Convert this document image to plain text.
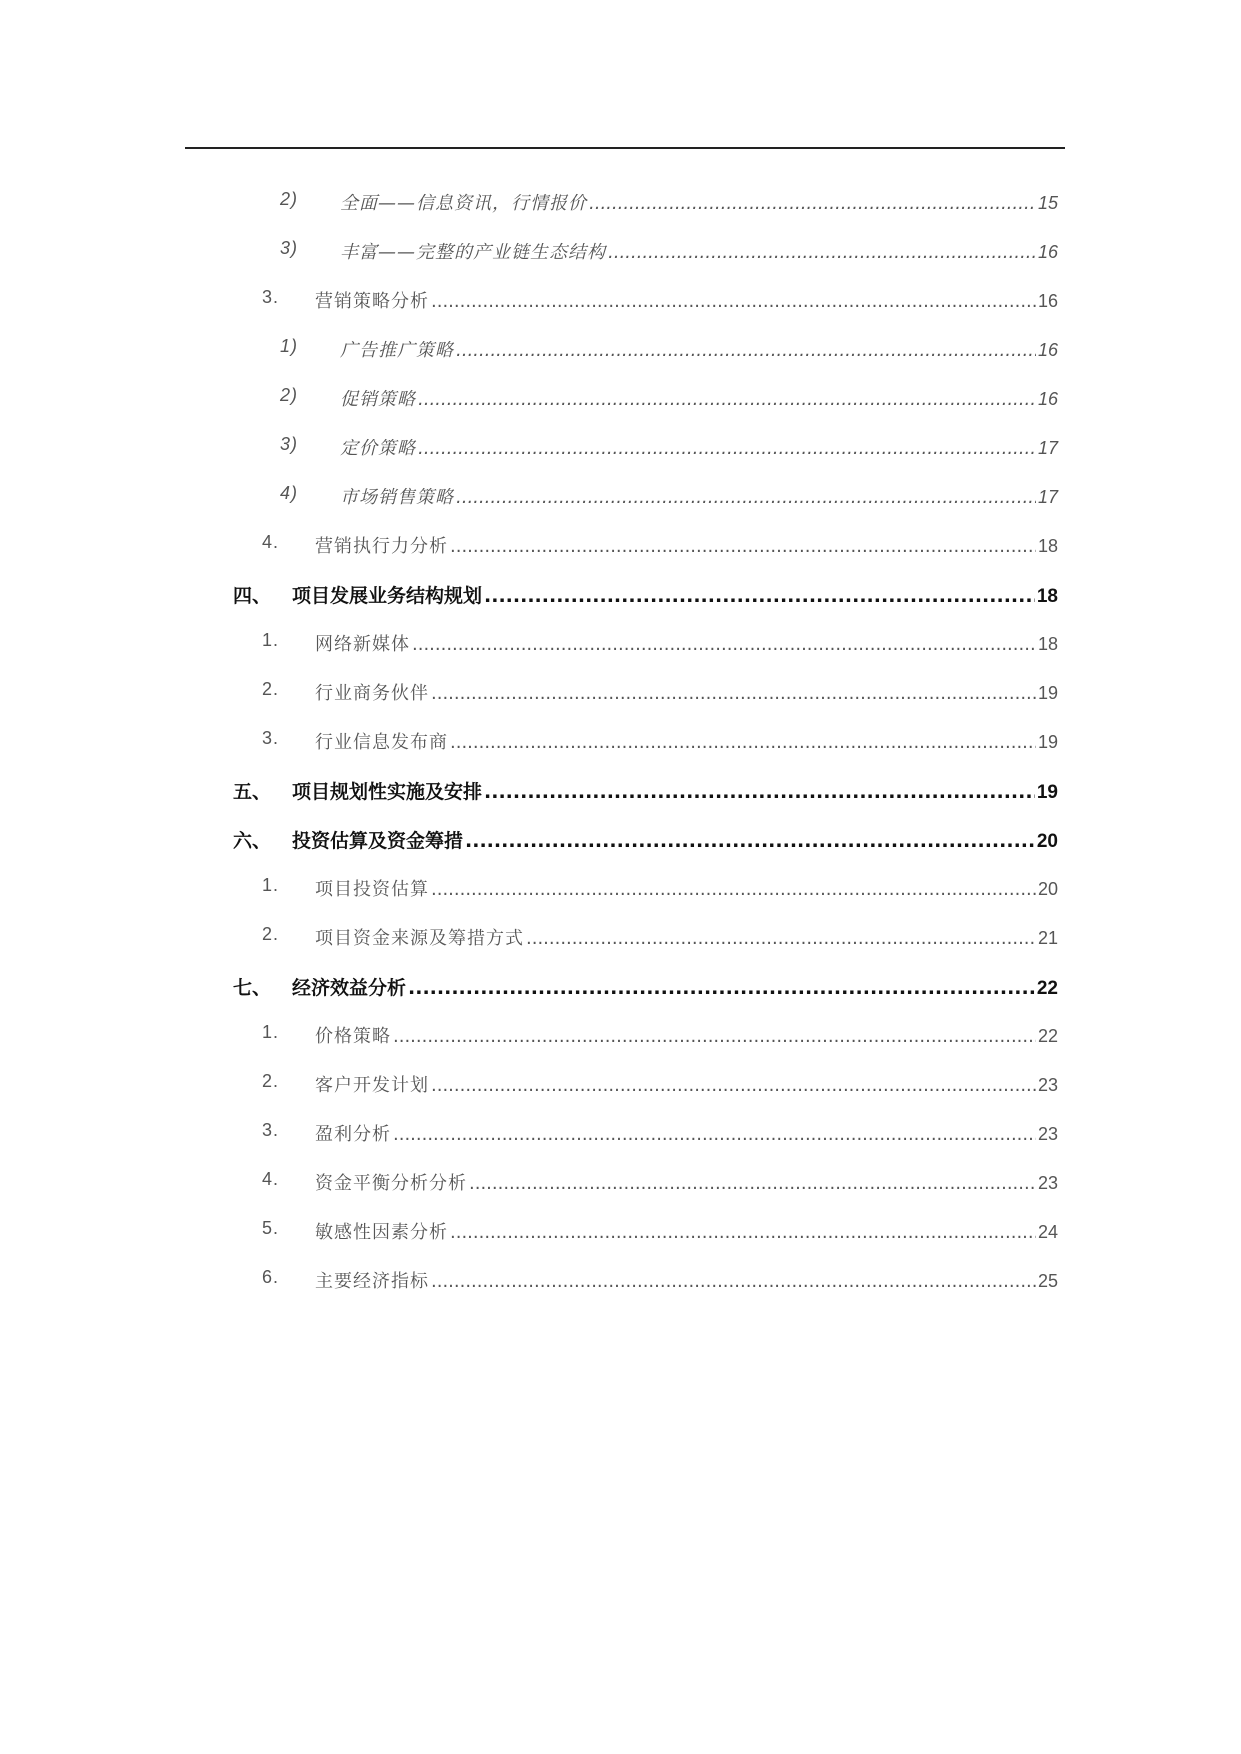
2) 全面——信息资讯，行情报价 .....	15
3) 丰富——完整的产业链生态结构 .....	16
3. 营销策略分析 .....	16
1) 广告推广策略 .....	16
2) 促销策略 .....	16
3) 定价策略 .....	17
4) 市场销售策略 .....	17
4. 营销执行力分析 .....	18
四、 项目发展业务结构规划 .....	18
1. 网络新媒体 .....	18
2. 行业商务伙伴 .....	19
3. 行业信息发布商 .....	19
五、 项目规划性实施及安排 .....	19
六、 投资估算及资金筹措 .....	20
1. 项目投资估算 .....	20
2. 项目资金来源及筹措方式 .....	21
七、 经济效益分析 .....	22
1. 价格策略 .....	22
2. 客户开发计划 .....	23
3. 盈利分析 .....	23
4. 资金平衡分析分析 .....	23
5. 敏感性因素分析 .....	24
6. 主要经济指标 .....	25
